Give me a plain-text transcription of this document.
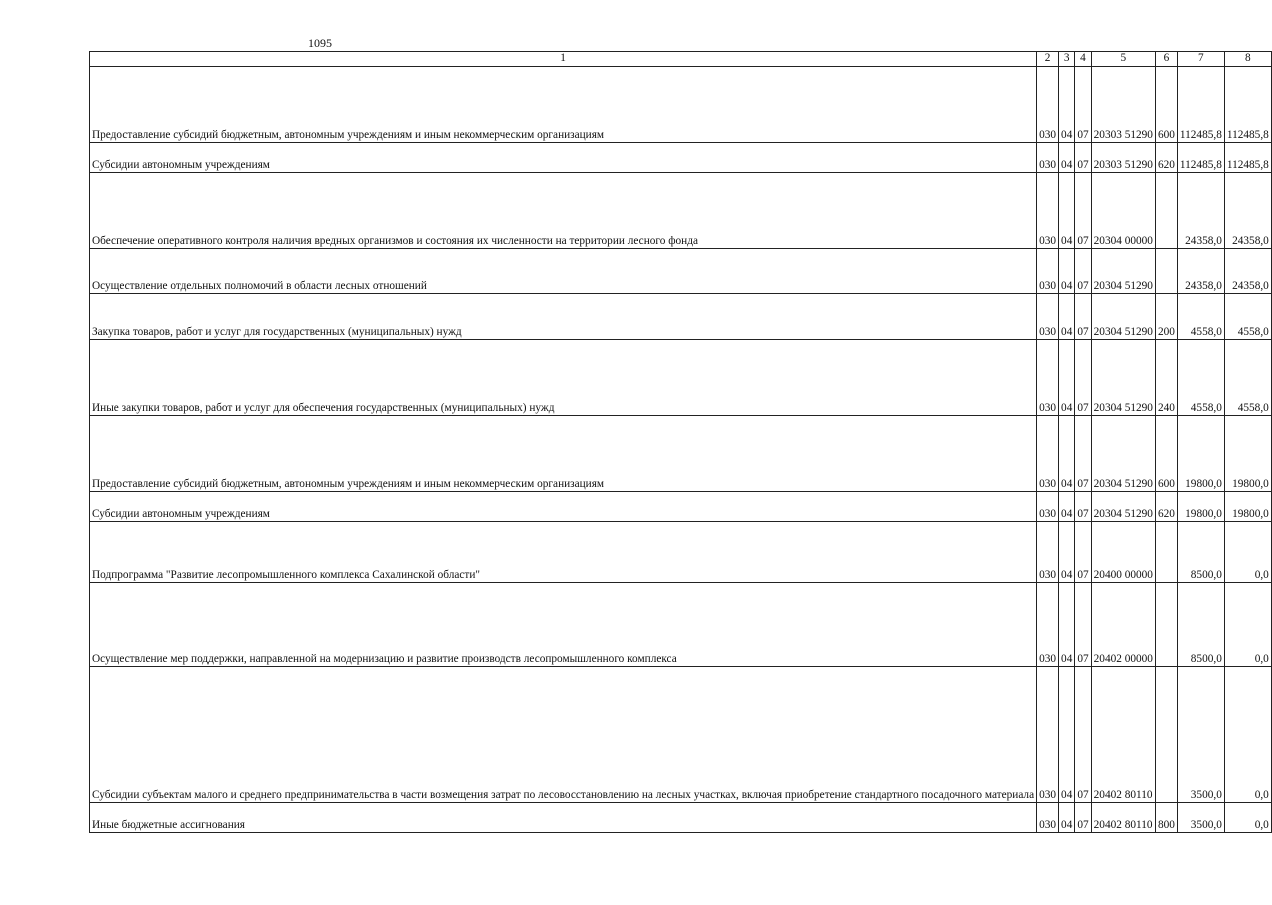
1095
1	2	3	4	5	6	7	8
Предоставление субсидий бюджетным, автономным учреждениям и иным некоммерческим организациям	030	04	07	20303 51290	600	112485,8	112485,8
Субсидии автономным учреждениям	030	04	07	20303 51290	620	112485,8	112485,8
Обеспечение оперативного контроля наличия вредных организмов и состояния их численности на территории лесного фонда	030	04	07	20304 00000		24358,0	24358,0
Осуществление отдельных полномочий в области лесных отношений	030	04	07	20304 51290		24358,0	24358,0
Закупка товаров, работ и услуг для государственных (муниципальных) нужд	030	04	07	20304 51290	200	4558,0	4558,0
Иные закупки товаров, работ и услуг для обеспечения государственных (муниципальных) нужд	030	04	07	20304 51290	240	4558,0	4558,0
Предоставление субсидий бюджетным, автономным учреждениям и иным некоммерческим организациям	030	04	07	20304 51290	600	19800,0	19800,0
Субсидии автономным учреждениям	030	04	07	20304 51290	620	19800,0	19800,0
Подпрограмма "Развитие лесопромышленного комплекса Сахалинской области"	030	04	07	20400 00000		8500,0	0,0
Осуществление мер поддержки, направленной на модернизацию и развитие производств лесопромышленного комплекса	030	04	07	20402 00000		8500,0	0,0
Субсидии субъектам малого и среднего предпринимательства в части возмещения затрат по лесовосстановлению на лесных участках, включая приобретение стандартного посадочного материала	030	04	07	20402 80110		3500,0	0,0
Иные бюджетные ассигнования	030	04	07	20402 80110	800	3500,0	0,0
